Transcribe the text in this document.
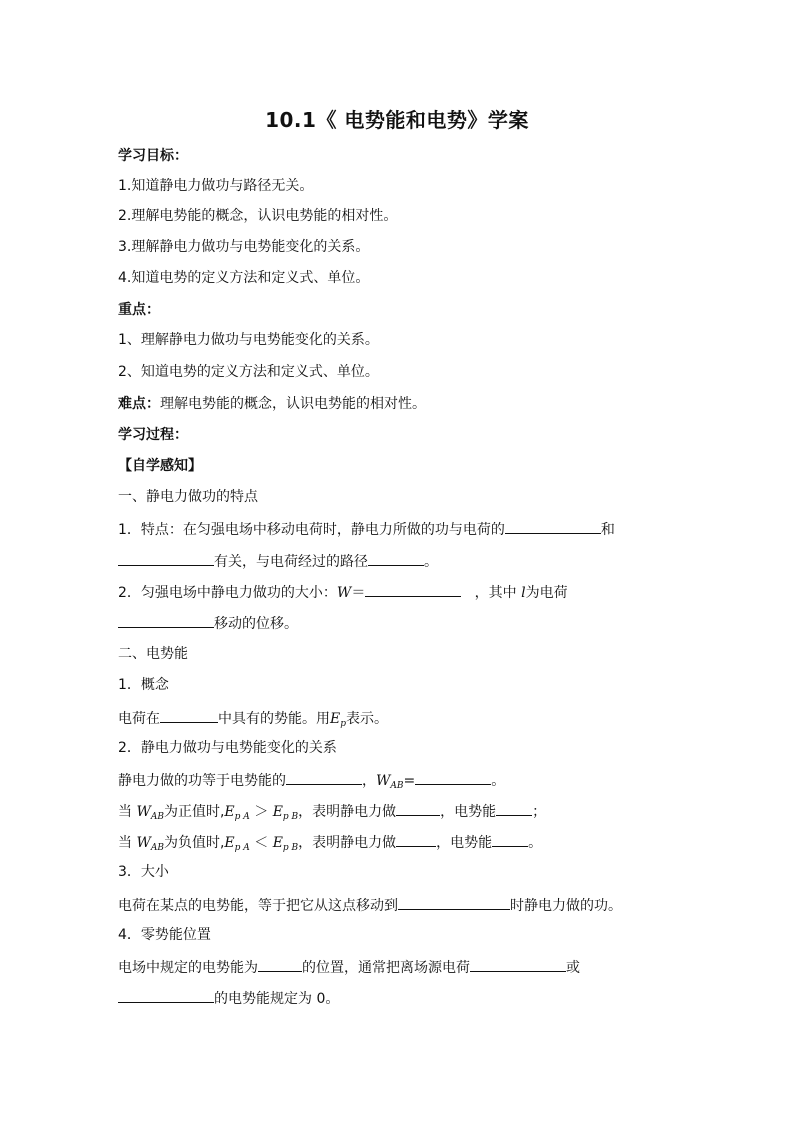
10.1《 电势能和电势》学案
学习目标：
1.知道静电力做功与路径无关。
2.理解电势能的概念，认识电势能的相对性。
3.理解静电力做功与电势能变化的关系。
4.知道电势的定义方法和定义式、单位。
重点：
1、理解静电力做功与电势能变化的关系。
2、知道电势的定义方法和定义式、单位。
难点：理解电势能的概念，认识电势能的相对性。
学习过程：
【自学感知】
一、静电力做功的特点
1．特点：在匀强电场中移动电荷时，静电力所做的功与电荷的	和
有关，与电荷经过的路径	。
2．匀强电场中静电力做功的大小：W＝	，其中 l为电荷
移动的位移。
二、电势能
1．概念
电荷在	中具有的势能。用$E_p$表示。
2．静电力做功与电势能变化的关系
静电力做的功等于电势能的	，$W_{AB}=$	。
当 $W_{AB}$为正值时$,E_{p A} > E_{p B}$，表明静电力做	，电势能	；
当 $W_{AB}$为负值时$,E_{p A} < E_{p B}$，表明静电力做	，电势能	。
3．大小
电荷在某点的电势能，等于把它从这点移动到	时静电力做的功。
4．零势能位置
电场中规定的电势能为	的位置，通常把离场源电荷	或
的电势能规定为 0。
